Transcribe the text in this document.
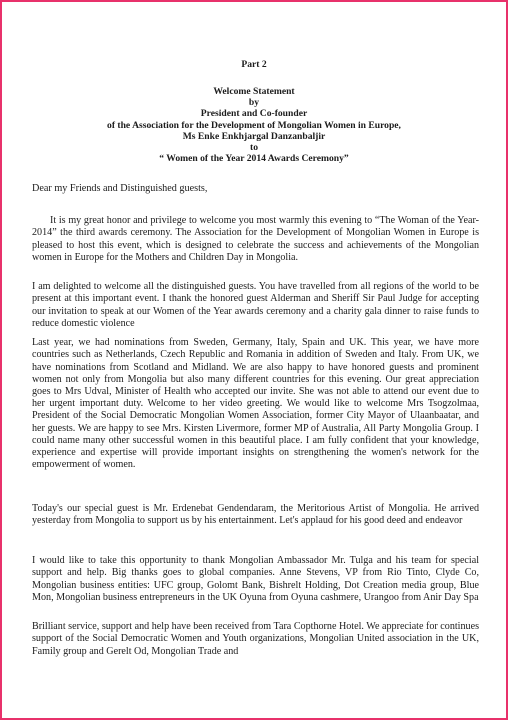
Part 2
Welcome Statement
by
President and Co-founder
of the Association for the Development of Mongolian Women in Europe,
Ms Enke Enkhjargal Danzanbaljir
to
“ Women of the Year 2014 Awards Ceremony”
Dear my Friends and Distinguished guests,

It is my great honor and privilege to welcome you most warmly this evening to “The Woman of the Year-2014” the third awards ceremony. The Association for the Development of Mongolian Women in Europe is pleased to host this event, which is designed to celebrate the success and achievements of the Mongolian women in Europe for the Mothers and Children Day in Mongolia.

I am delighted to welcome all the distinguished guests. You have travelled from all regions of the world to be present at this important event. I thank the honored guest Alderman and Sheriff Sir Paul Judge for accepting our invitation to speak at our Women of the Year awards ceremony and a charity gala dinner to raise funds to reduce domestic violence

Last year, we had nominations from Sweden, Germany, Italy, Spain and UK. This year, we have more countries such as Netherlands, Czech Republic and Romania in addition of Sweden and Italy. From UK, we have nominations from Scotland and Midland. We are also happy to have honored guests and prominent women not only from Mongolia but also many different countries for this evening. Our great appreciation goes to Mrs Udval, Minister of Health who accepted our invite. She was not able to attend our event due to her urgent important duty. Welcome to her video greeting. We would like to welcome Mrs Tsogzolmaa, President of the Social Democratic Mongolian Women Association, former City Mayor of Ulaanbaatar, and her guests. We are happy to see Mrs. Kirsten Livermore, former MP of Australia, All Party Mongolia Group. I could name many other successful women in this beautiful place. I am fully confident that your knowledge, experience and expertise will provide important insights on strengthening the women's network for the empowerment of women.

Today's our special guest is Mr. Erdenebat Gendendaram, the Meritorious Artist of Mongolia. He arrived yesterday from Mongolia to support us by his entertainment. Let's applaud for his good deed and endeavor

I would like to take this opportunity to thank Mongolian Ambassador Mr. Tulga and his team for special support and help. Big thanks goes to global companies. Anne Stevens, VP from Rio Tinto, Clyde Co, Mongolian business entities: UFC group, Golomt Bank, Bishrelt Holding, Dot Creation media group, Blue Mon, Mongolian business entrepreneurs in the UK Oyuna from Oyuna cashmere, Urangoo from Anir Day Spa

Brilliant service, support and help have been received from Tara Copthorne Hotel. We appreciate for continues support of the Social Democratic Women and Youth organizations, Mongolian United association in the UK, Family group and Gerelt Od, Mongolian Trade and
